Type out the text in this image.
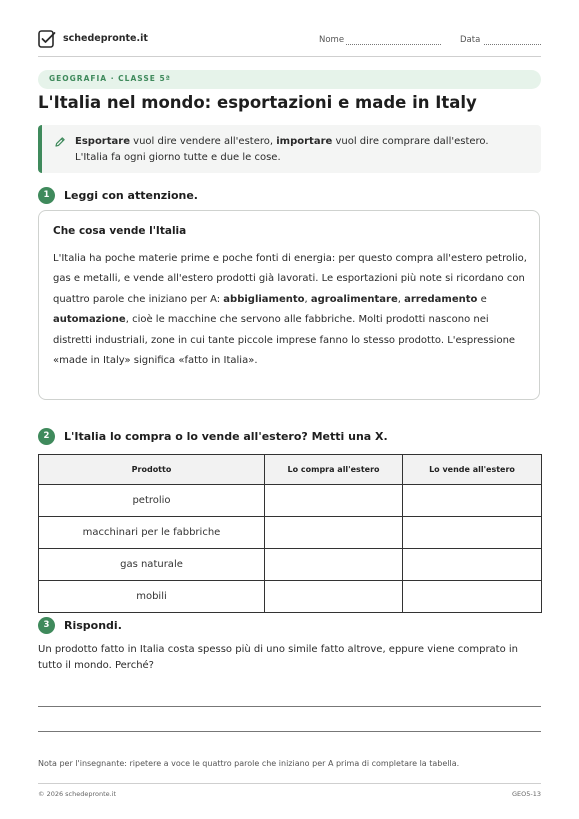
schedepronte.it	Nome	Data
GEOGRAFIA · CLASSE 5ª
L'Italia nel mondo: esportazioni e made in Italy
Esportare vuol dire vendere all'estero, importare vuol dire comprare dall'estero.
L'Italia fa ogni giorno tutte e due le cose.
1	Leggi con attenzione.
Che cosa vende l'Italia
L'Italia ha poche materie prime e poche fonti di energia: per questo compra all'estero petrolio, gas e metalli, e vende all'estero prodotti già lavorati. Le esportazioni più note si ricordano con quattro parole che iniziano per A: abbigliamento, agroalimentare, arredamento e automazione, cioè le macchine che servono alle fabbriche. Molti prodotti nascono nei distretti industriali, zone in cui tante piccole imprese fanno lo stesso prodotto. L'espressione «made in Italy» significa «fatto in Italia».
2	L'Italia lo compra o lo vende all'estero? Metti una X.
Prodotto	Lo compra all'estero	Lo vende all'estero
petrolio		
macchinari per le fabbriche		
gas naturale		
mobili		
3	Rispondi.
Un prodotto fatto in Italia costa spesso più di uno simile fatto altrove, eppure viene comprato in tutto il mondo. Perché?
Nota per l'insegnante: ripetere a voce le quattro parole che iniziano per A prima di completare la tabella.
© 2026 schedepronte.it	GEO5-13
